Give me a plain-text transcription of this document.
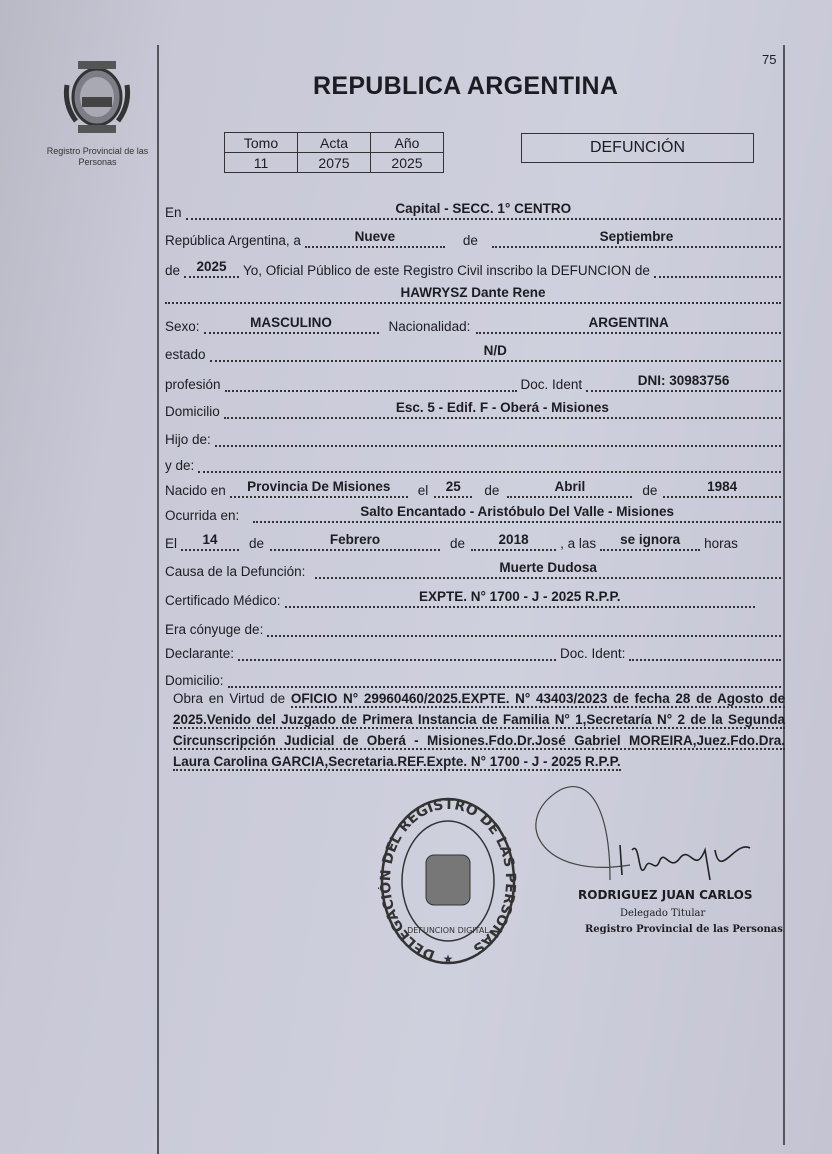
Registro Provincial de las Personas
75
REPUBLICA ARGENTINA
Tomo	Acta	Año
11	2075	2025
DEFUNCIÓN
En	Capital - SECC. 1° CENTRO
República Argentina, a	Nueve	de	Septiembre
de	2025	Yo, Oficial Público de este Registro Civil inscribo la DEFUNCION de
HAWRYSZ Dante Rene
Sexo:	MASCULINO	Nacionalidad:	ARGENTINA
estado	N/D
profesión	Doc. Ident	DNI: 30983756
Domicilio	Esc. 5 - Edif. F - Oberá - Misiones
Hijo de:
y de:
Nacido en	Provincia De Misiones	el	25	de	Abril	de	1984
Ocurrida en:	Salto Encantado - Aristóbulo Del Valle - Misiones
El	14	de	Febrero	de	2018	, a las	se ignora	horas
Causa de la Defunción:	Muerte Dudosa
Certificado Médico:	EXPTE. N° 1700 - J - 2025 R.P.P.
Era cónyuge de:
Declarante:	Doc. Ident:
Domicilio:
Obra en Virtud de OFICIO N° 29960460/2025.EXPTE. N° 43403/2023 de fecha 28 de Agosto de 2025.Venido del Juzgado de Primera Instancia de Familia N° 1,Secretaría N° 2 de la Segunda Circunscripción Judicial de Oberá - Misiones.Fdo.Dr.José Gabriel MOREIRA,Juez.Fdo.Dra. Laura Carolina GARCIA,Secretaria.REF.Expte. N° 1700 - J - 2025 R.P.P.
DELEGACIÓN DEL REGISTRO DE LAS PERSONAS
DEFUNCION DIGITAL
★
RODRIGUEZ JUAN CARLOS
Delegado Titular
Registro Provincial de las Personas
